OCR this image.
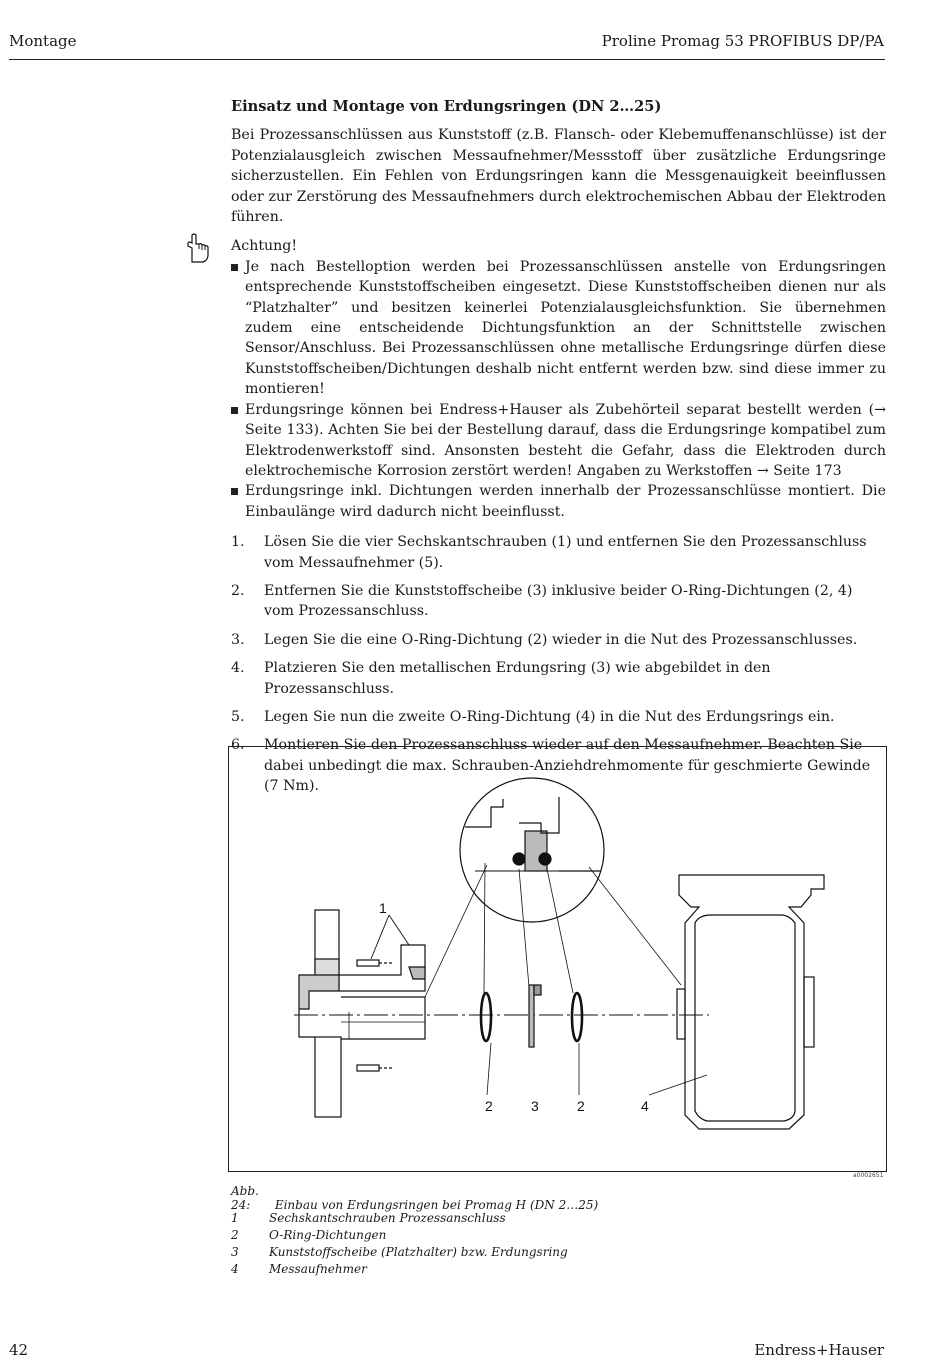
Montage	Proline Promag 53 PROFIBUS DP/PA

Einsatz und Montage von Erdungsringen (DN 2…25)

Bei Prozessanschlüssen aus Kunststoff (z.B. Flansch- oder Klebemuffenanschlüsse) ist der Potenzialausgleich zwischen Messaufnehmer/Messstoff über zusätzliche Erdungsringe sicherzustellen. Ein Fehlen von Erdungsringen kann die Messgenauigkeit beeinflussen oder zur Zerstörung des Messaufnehmers durch elektrochemischen Abbau der Elektroden führen.

Achtung!

Je nach Bestelloption werden bei Prozessanschlüssen anstelle von Erdungsringen entsprechende Kunststoffscheiben eingesetzt. Diese Kunststoffscheiben dienen nur als “Platzhalter” und besitzen keinerlei Potenzialausgleichsfunktion. Sie übernehmen zudem eine entscheidende Dichtungsfunktion an der Schnittstelle zwischen Sensor/Anschluss. Bei Prozessanschlüssen ohne metallische Erdungsringe dürfen diese Kunststoffscheiben/Dichtungen deshalb nicht entfernt werden bzw. sind diese immer zu montieren!

Erdungsringe können bei Endress+Hauser als Zubehörteil separat bestellt werden (→ Seite 133). Achten Sie bei der Bestellung darauf, dass die Erdungsringe kompatibel zum Elektrodenwerkstoff sind. Ansonsten besteht die Gefahr, dass die Elektroden durch elektrochemische Korrosion zerstört werden! Angaben zu Werkstoffen → Seite 173

Erdungsringe inkl. Dichtungen werden innerhalb der Prozessanschlüsse montiert. Die Einbaulänge wird dadurch nicht beeinflusst.

1. Lösen Sie die vier Sechskantschrauben (1) und entfernen Sie den Prozessanschluss vom Messaufnehmer (5).
2. Entfernen Sie die Kunststoffscheibe (3) inklusive beider O-Ring-Dichtungen (2, 4) vom Prozessanschluss.
3. Legen Sie die eine O-Ring-Dichtung (2) wieder in die Nut des Prozessanschlusses.
4. Platzieren Sie den metallischen Erdungsring (3) wie abgebildet in den Prozessanschluss.
5. Legen Sie nun die zweite O-Ring-Dichtung (4) in die Nut des Erdungsrings ein.
6. Montieren Sie den Prozessanschluss wieder auf den Messaufnehmer. Beachten Sie dabei unbedingt die max. Schrauben-Anziehdrehmomente für geschmierte Gewinde (7 Nm).
1
2	3	2	4
a0002651
Abb. 24: Einbau von Erdungsringen bei Promag H (DN 2…25)
1	Sechskantschrauben Prozessanschluss
2	O-Ring-Dichtungen
3	Kunststoffscheibe (Platzhalter) bzw. Erdungsring
4	Messaufnehmer
42	Endress+Hauser
